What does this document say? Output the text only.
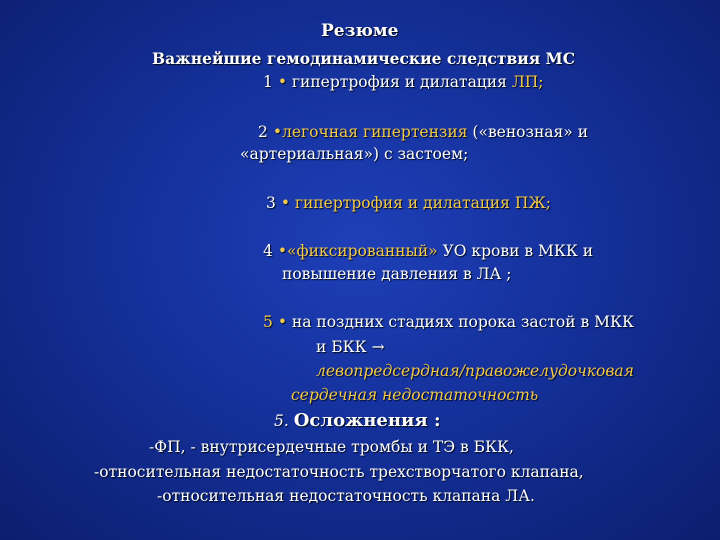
Резюме
Важнейшие гемодинамические следствия МС
1 • гипертрофия и дилатация ЛП;
2 •легочная гипертензия («венозная» и
«артериальная») с застоем;
3 • гипертрофия и дилатация ПЖ;
4 •«фиксированный» УО крови в МКК и
повышение давления в ЛА ;
5 • на поздних стадиях порока застой в МКК
и БКК →
левопредсердная/правожелудочковая
сердечная недостаточность
5. Осложнения :
-ФП, - внутрисердечные тромбы и ТЭ в БКК,
-относительная недостаточность трехстворчатого клапана,
-относительная недостаточность клапана ЛА.
